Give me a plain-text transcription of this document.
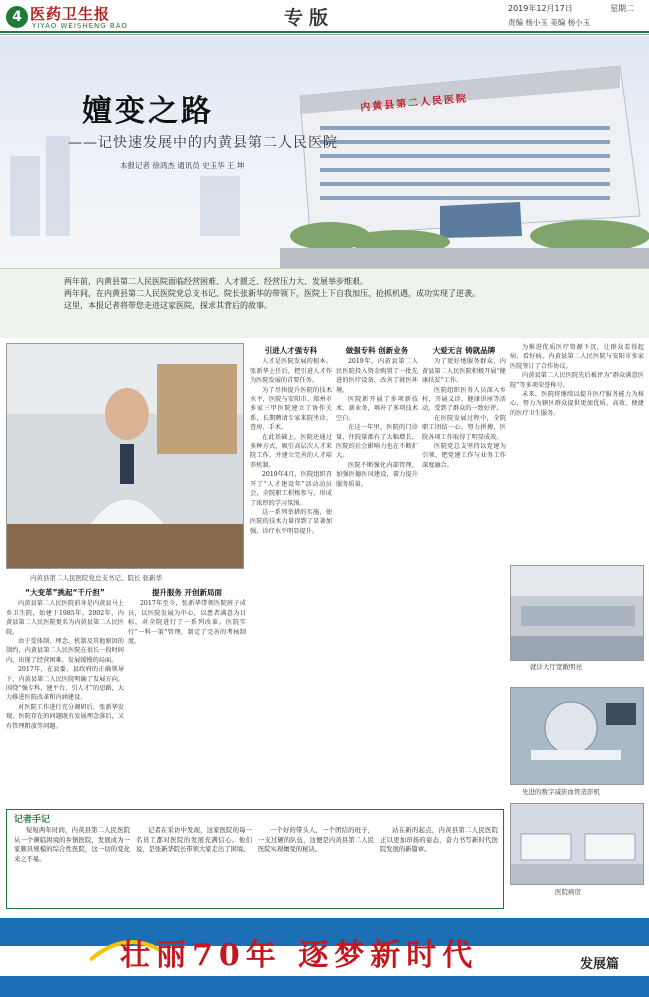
4 医药卫生报
YIYAO WEISHENG BAO	专版	2019年12月17日	星期二
责编 杨小玉 美编 杨小玉
内黄县第二人民医院
嬗变之路
——记快速发展中的内黄县第二人民医院
本报记者 徐鸿杰 通讯员 史玉华 王 坤

两年前，内黄县第二人民医院面临经营困难、人才匮乏、经营压力大、发展举步维艰。

两年间，在内黄县第二人民医院党总支书记、院长张新华的带领下，医院上下自我加压、抢抓机遇，成功实现了逆袭。

这里，本报记者将带您走进这家医院，探求其背后的故事。

内黄县第二人民医院党总支书记、院长 张新华

“大变革”挑起“千斤担”

内黄县第二人民医院前身是内黄县马上乡卫生院，始建于1985年。2002年，内黄县第二人民医院更名为内黄县第二人民医院。

由于受体制、理念、机制及其他原因的制约，内黄县第二人民医院在很长一段时间内，出现了经营困难、发展缓慢的局面。

2017年，在县委、县政府的正确领导下，内黄县第二人民医院明确了发展方向，围绕“强专科、建平台、引人才”的思路，大力推进医院改革和内涵建设。

对医院工作进行充分调研后，张新华发现，医院存在的问题既有发展理念落后，又有管理粗放等问题。

提升服务 开创新局面

2017年至今，张新华带领医院班子成员，以医院发展为中心，以患者满意为目标，对全院进行了一系列改革。医院实行“一科一策”管理，制定了完善的考核制度。

引进人才强专科

人才是医院发展的根本。张新华上任后，把引进人才作为医院发展的首要任务。

为了尽快提升医院的技术水平，医院与安阳市、郑州市多家三甲医院建立了协作关系，长期聘请专家来院坐诊、查房、手术。

在此基础上，医院还通过多种方式，吸引高层次人才来院工作，并建立完善的人才培养机制。

2019年4月，医院组织召开了“人才建设年”活动动员会，全院职工积极参与，形成了浓厚的学习氛围。

这一系列举措的实施，使医院的技术力量得到了显著加强，诊疗水平明显提升。

做强专科 创新业务

2019年，内黄县第二人民医院投入资金购置了一批先进的医疗设备，改善了就医环境。

医院新开展了多项新技术、新业务，填补了多项技术空白。

在这一年里，医院的门诊量、住院量都有了大幅增长，医院的社会影响力也在不断扩大。

医院不断强化内部管理，加强医德医风建设，着力提升服务质量。

大爱无言 铸就品牌

为了更好地服务群众，内黄县第二人民医院积极开展“健康扶贫”工作。

医院组织医务人员深入乡村，开展义诊、健康讲座等活动，受到了群众的一致好评。

在医院发展过程中，全院职工团结一心、努力拼搏，医院各项工作取得了明显成效。

医院党总支坚持以党建为引领，把党建工作与业务工作深度融合。

为推进优质医疗资源下沉，让群众看得起病、看好病，内黄县第二人民医院与安阳市多家医院签订了合作协议。

内黄县第二人民医院先后被评为“群众满意医院”等多项荣誉称号。

未来，医院将继续以提升医疗服务能力为核心，努力为辖区群众提供更加优质、高效、便捷的医疗卫生服务。

就诊大厅宽敞明亮
先进的数字减影血管造影机
医院病房
记者手记

短短两年时间，内黄县第二人民医院从一个濒临困境的乡镇医院，发展成为一家颇具规模的综合性医院，这一切的变化来之不易。

记者在采访中发现，这家医院的每一名员工都对医院的发展充满信心。他们说，是张新华院长带领大家走出了困境。

一个好的带头人，一个团结的班子，一支过硬的队伍，这便是内黄县第二人民医院实现嬗变的秘诀。

站在新的起点，内黄县第二人民医院正以更加昂扬的姿态，奋力书写新时代医院发展的新篇章。

壮丽70年 逐梦新时代	发展篇
